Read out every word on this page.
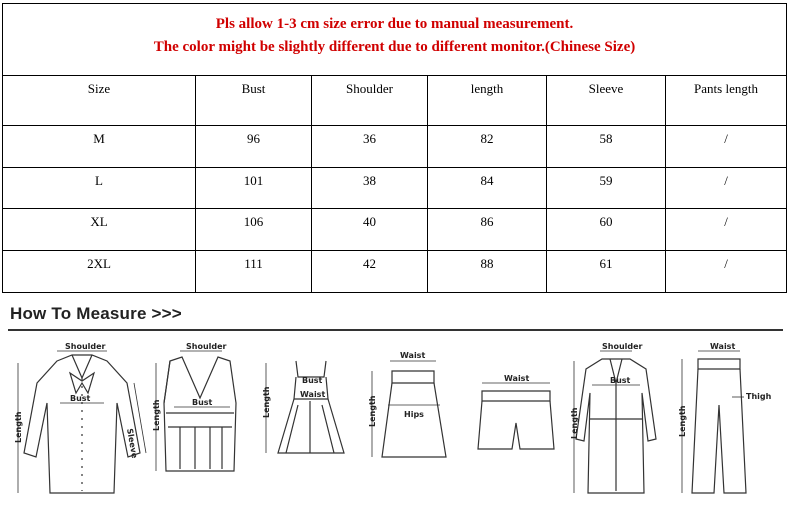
Pls allow 1-3 cm size error due to manual measurement.
The color might be slightly different due to different monitor.(Chinese Size)
Size	Bust	Shoulder	length	Sleeve	Pants length
M	96	36	82	58	/
L	101	38	84	59	/
XL	106	40	86	60	/
2XL	111	42	88	61	/
How To Measure >>>
Shoulder
Bust
Length
Sleeve
Shoulder
Bust
Length
Bust
Waist
Length
Waist
Hips
Length
Waist
Shoulder
Bust
Length
Waist
Thigh
Length
